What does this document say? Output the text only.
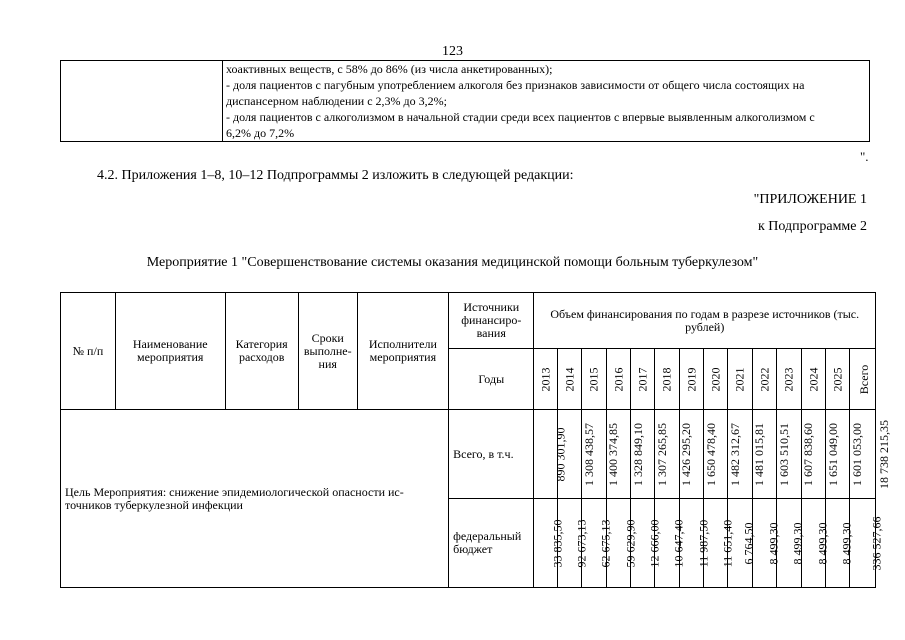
123

хоактивных веществ, с 58% до 86% (из числа анкетированных);
- доля пациентов с пагубным употреблением алкоголя без признаков зависимости от общего числа состоящих на
диспансерном наблюдении с 2,3% до 3,2%;
- доля пациентов с алкоголизмом в начальной стадии среди всех пациентов с впервые выявленным алкоголизмом с
6,2% до 7,2%
".
4.2. Приложения 1–8, 10–12 Подпрограммы 2 изложить в следующей редакции:
"ПРИЛОЖЕНИЕ 1
к Подпрограмме 2
Мероприятие 1 "Совершенствование системы оказания медицинской помощи больным туберкулезом"
№ п/п	Наименование мероприятия	Категория расходов	Сроки выполне- ния	Исполнители мероприятия	Источники финансиро- вания	Объем финансирования по годам в разрезе источников (тыс. рублей)													
					Годы	2013	2014	2015	2016	2017	2018	2019	2020	2021	2022	2023	2024	2025	Всего
Цель Мероприятия: снижение эпидемиологической опасности ис- точников туберкулезной инфекции					Всего, в т.ч.	890 301,90	1 308 438,57	1 400 374,85	1 328 849,10	1 307 265,85	1 426 295,20	1 650 478,40	1 482 312,67	1 481 015,81	1 603 510,51	1 607 838,60	1 651 049,00	1 601 053,00	18 738 215,35
					федеральный бюджет	33 835,50	92 673,13	62 675,13	59 629,90	12 666,00	10 647,40	11 987,50	11 651,40	6 764,50	8 499,30	8 499,30	8 499,30	8 499,30	336 527,66
